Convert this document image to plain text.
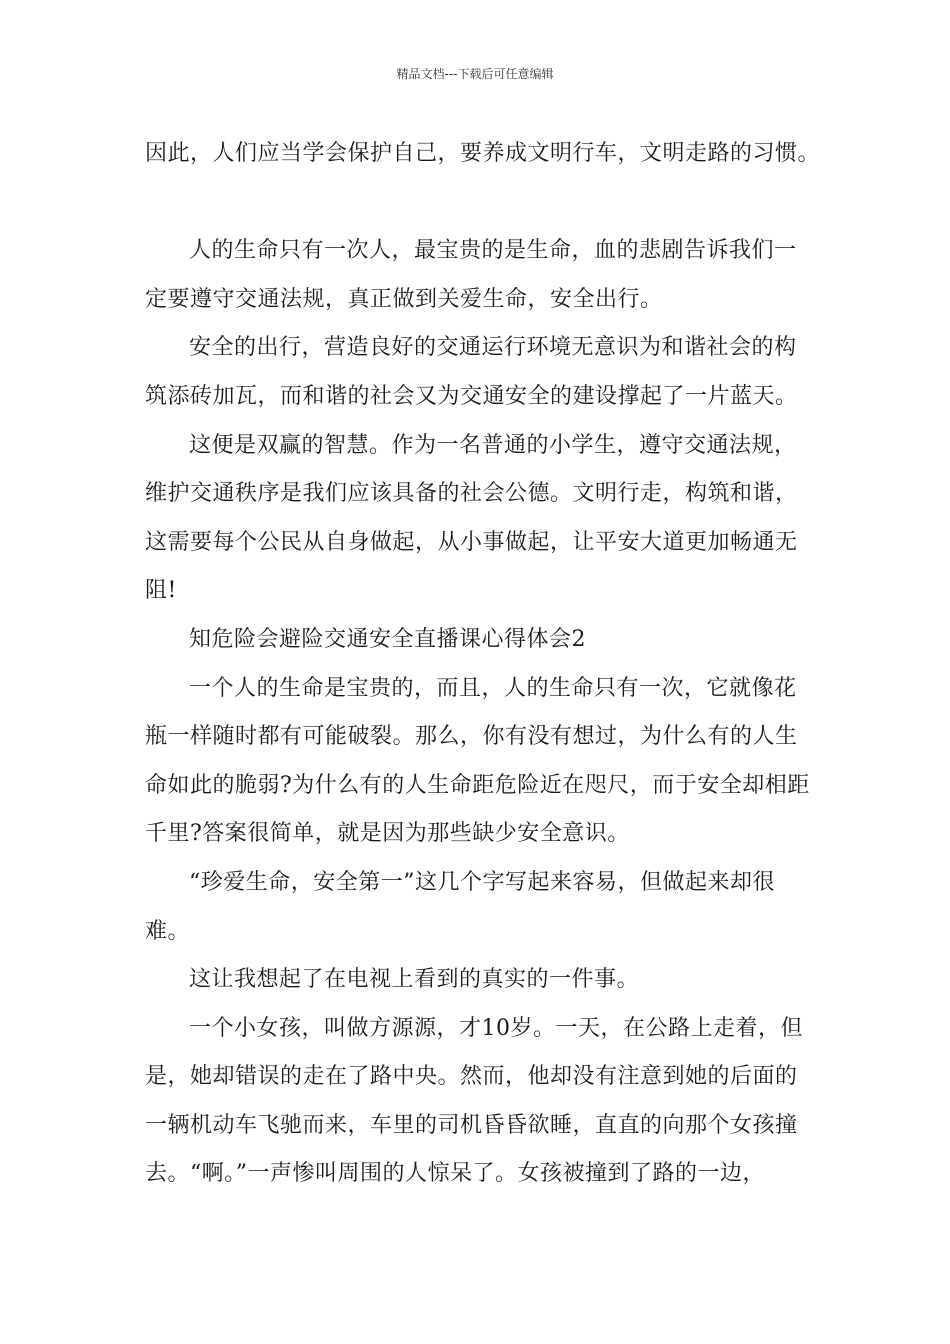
精品文档---下载后可任意编辑
因此，人们应当学会保护自己，要养成文明行车，文明走路的习惯。
人的生命只有一次人，最宝贵的是生命，血的悲剧告诉我们一
定要遵守交通法规，真正做到关爱生命，安全出行。
安全的出行，营造良好的交通运行环境无意识为和谐社会的构
筑添砖加瓦，而和谐的社会又为交通安全的建设撑起了一片蓝天。
这便是双赢的智慧。作为一名普通的小学生，遵守交通法规，
维护交通秩序是我们应该具备的社会公德。文明行走，构筑和谐，
这需要每个公民从自身做起，从小事做起，让平安大道更加畅通无
阻!
知危险会避险交通安全直播课心得体会2
一个人的生命是宝贵的，而且，人的生命只有一次，它就像花
瓶一样随时都有可能破裂。那么，你有没有想过，为什么有的人生
命如此的脆弱?为什么有的人生命距危险近在咫尺，而于安全却相距
千里?答案很简单，就是因为那些缺少安全意识。
“珍爱生命，安全第一”这几个字写起来容易，但做起来却很
难。
这让我想起了在电视上看到的真实的一件事。
一个小女孩，叫做方源源，才10岁。一天，在公路上走着，但
是，她却错误的走在了路中央。然而，他却没有注意到她的后面的
一辆机动车飞驰而来，车里的司机昏昏欲睡，直直的向那个女孩撞
去。“啊。”一声惨叫周围的人惊呆了。女孩被撞到了路的一边，
